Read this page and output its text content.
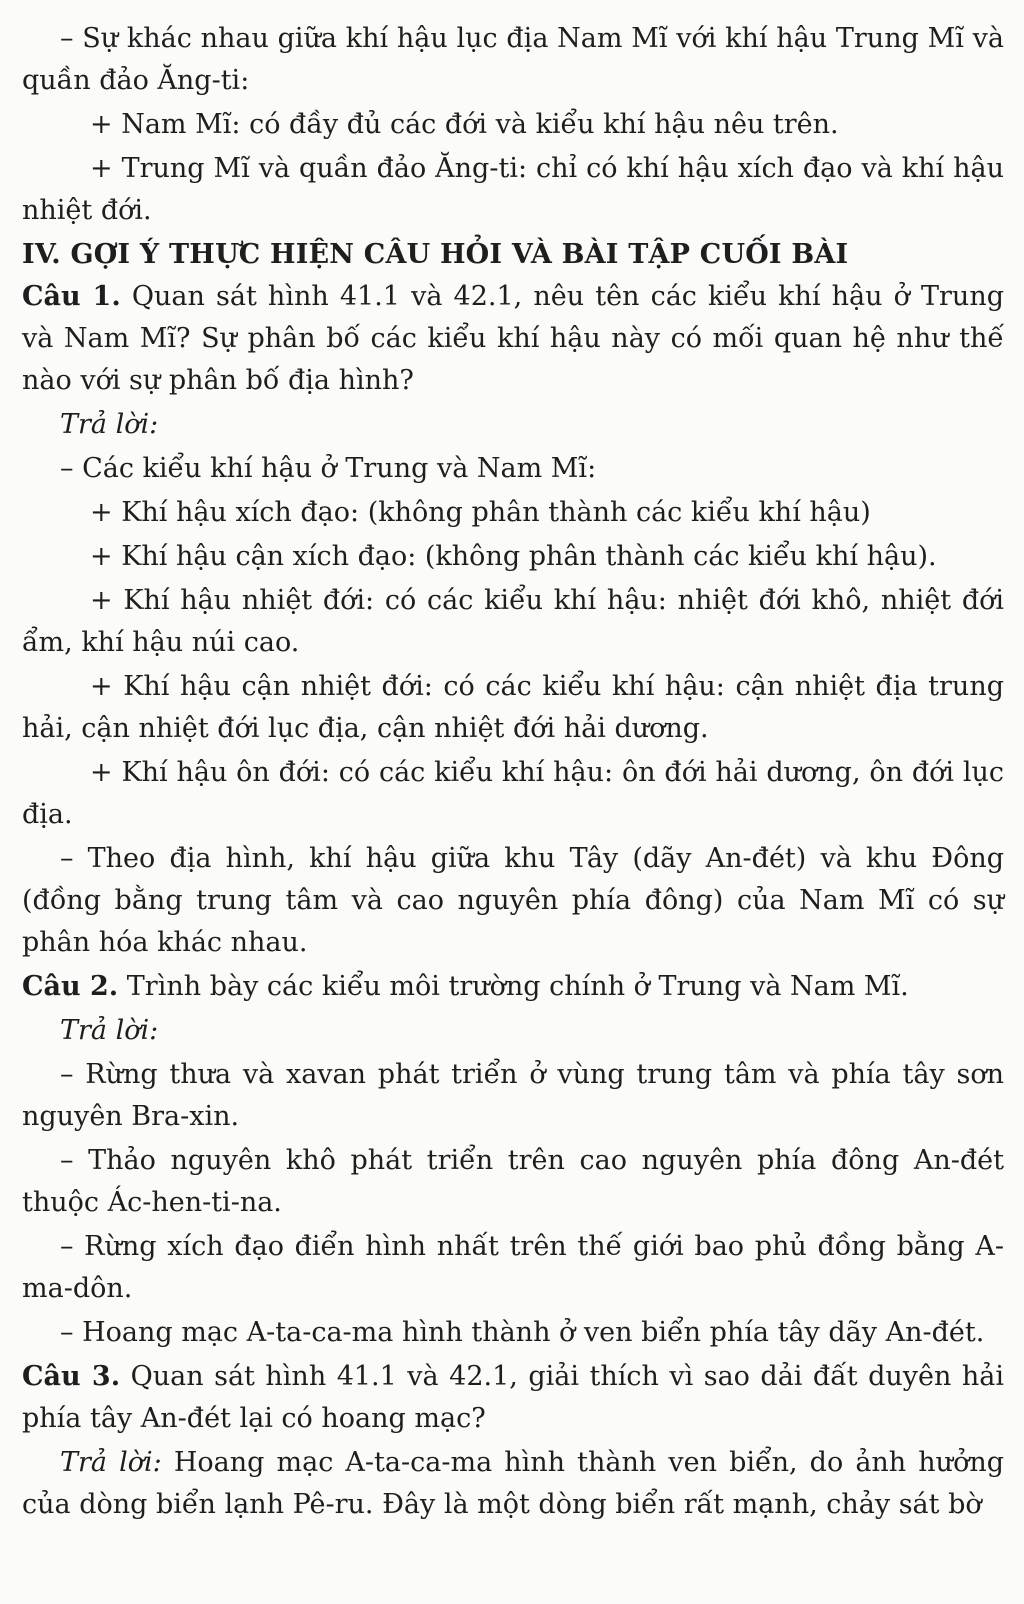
– Sự khác nhau giữa khí hậu lục địa Nam Mĩ với khí hậu Trung Mĩ và quần đảo Ăng-ti:

+ Nam Mĩ: có đầy đủ các đới và kiểu khí hậu nêu trên.

+ Trung Mĩ và quần đảo Ăng-ti: chỉ có khí hậu xích đạo và khí hậu nhiệt đới.

IV. GỢI Ý THỰC HIỆN CÂU HỎI VÀ BÀI TẬP CUỐI BÀI

Câu 1. Quan sát hình 41.1 và 42.1, nêu tên các kiểu khí hậu ở Trung và Nam Mĩ? Sự phân bố các kiểu khí hậu này có mối quan hệ như thế nào với sự phân bố địa hình?

Trả lời:

– Các kiểu khí hậu ở Trung và Nam Mĩ:

+ Khí hậu xích đạo: (không phân thành các kiểu khí hậu)

+ Khí hậu cận xích đạo: (không phân thành các kiểu khí hậu).

+ Khí hậu nhiệt đới: có các kiểu khí hậu: nhiệt đới khô, nhiệt đới ẩm, khí hậu núi cao.

+ Khí hậu cận nhiệt đới: có các kiểu khí hậu: cận nhiệt địa trung hải, cận nhiệt đới lục địa, cận nhiệt đới hải dương.

+ Khí hậu ôn đới: có các kiểu khí hậu: ôn đới hải dương, ôn đới lục địa.

– Theo địa hình, khí hậu giữa khu Tây (dãy An-đét) và khu Đông (đồng bằng trung tâm và cao nguyên phía đông) của Nam Mĩ có sự phân hóa khác nhau.

Câu 2. Trình bày các kiểu môi trường chính ở Trung và Nam Mĩ.

Trả lời:

– Rừng thưa và xavan phát triển ở vùng trung tâm và phía tây sơn nguyên Bra-xin.

– Thảo nguyên khô phát triển trên cao nguyên phía đông An-đét thuộc Ác-hen-ti-na.

– Rừng xích đạo điển hình nhất trên thế giới bao phủ đồng bằng A-ma-dôn.

– Hoang mạc A-ta-ca-ma hình thành ở ven biển phía tây dãy An-đét.

Câu 3. Quan sát hình 41.1 và 42.1, giải thích vì sao dải đất duyên hải phía tây An-đét lại có hoang mạc?

Trả lời: Hoang mạc A-ta-ca-ma hình thành ven biển, do ảnh hưởng của dòng biển lạnh Pê-ru. Đây là một dòng biển rất mạnh, chảy sát bờ
